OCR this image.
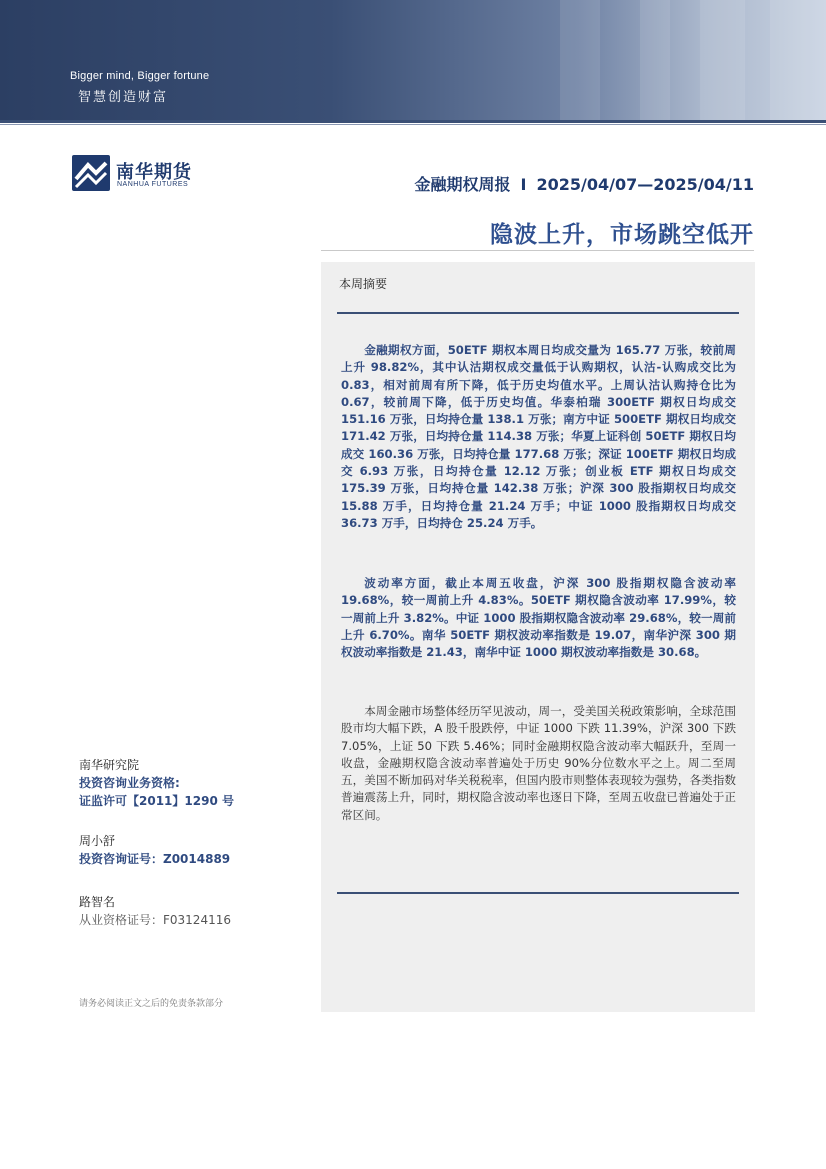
Bigger mind, Bigger fortune
智慧创造财富
南华期货
NANHUA FUTURES	金融期权周报 I 2025/04/07—2025/04/11
隐波上升，市场跳空低开
本周摘要

金融期权方面，50ETF 期权本周日均成交量为 165.77 万张，较前周上升 98.82%，其中认沽期权成交量低于认购期权，认沽-认购成交比为 0.83，相对前周有所下降，低于历史均值水平。上周认沽认购持仓比为 0.67，较前周下降，低于历史均值。华泰柏瑞 300ETF 期权日均成交 151.16 万张，日均持仓量 138.1 万张；南方中证 500ETF 期权日均成交 171.42 万张，日均持仓量 114.38 万张；华夏上证科创 50ETF 期权日均成交 160.36 万张，日均持仓量 177.68 万张；深证 100ETF 期权日均成交 6.93 万张，日均持仓量 12.12 万张；创业板 ETF 期权日均成交 175.39 万张，日均持仓量 142.38 万张；沪深 300 股指期权日均成交 15.88 万手，日均持仓量 21.24 万手；中证 1000 股指期权日均成交 36.73 万手，日均持仓 25.24 万手。

波动率方面，截止本周五收盘，沪深 300 股指期权隐含波动率 19.68%，较一周前上升 4.83%。50ETF 期权隐含波动率 17.99%，较一周前上升 3.82%。中证 1000 股指期权隐含波动率 29.68%，较一周前上升 6.70%。南华 50ETF 期权波动率指数是 19.07，南华沪深 300 期权波动率指数是 21.43，南华中证 1000 期权波动率指数是 30.68。

本周金融市场整体经历罕见波动，周一，受美国关税政策影响，全球范围股市均大幅下跌，A 股千股跌停，中证 1000 下跌 11.39%，沪深 300 下跌 7.05%，上证 50 下跌 5.46%；同时金融期权隐含波动率大幅跃升，至周一收盘，金融期权隐含波动率普遍处于历史 90%分位数水平之上。周二至周五，美国不断加码对华关税税率，但国内股市则整体表现较为强势，各类指数普遍震荡上升，同时，期权隐含波动率也逐日下降，至周五收盘已普遍处于正常区间。

南华研究院
投资咨询业务资格:
证监许可【2011】1290 号
周小舒
投资咨询证号：Z0014889
路智名
从业资格证号：F03124116
请务必阅读正文之后的免责条款部分
